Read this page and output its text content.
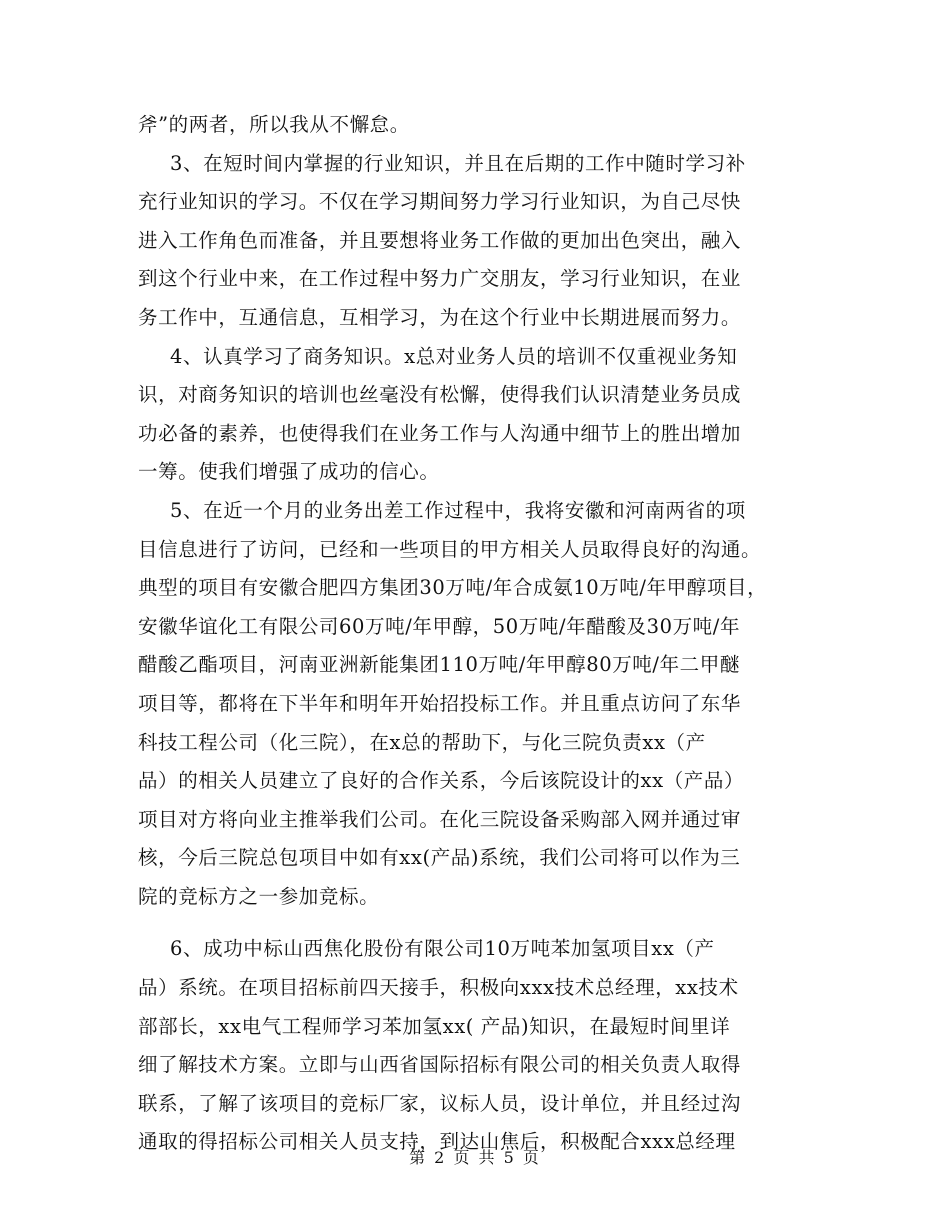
斧”的两者，所以我从不懈怠。
3、在短时间内掌握的行业知识，并且在后期的工作中随时学习补
充行业知识的学习。不仅在学习期间努力学习行业知识，为自己尽快
进入工作角色而准备，并且要想将业务工作做的更加出色突出，融入
到这个行业中来，在工作过程中努力广交朋友，学习行业知识，在业
务工作中，互通信息，互相学习，为在这个行业中长期进展而努力。
4、认真学习了商务知识。x总对业务人员的培训不仅重视业务知
识，对商务知识的培训也丝毫没有松懈，使得我们认识清楚业务员成
功必备的素养，也使得我们在业务工作与人沟通中细节上的胜出增加
一筹。使我们增强了成功的信心。
5、在近一个月的业务出差工作过程中，我将安徽和河南两省的项
目信息进行了访问，已经和一些项目的甲方相关人员取得良好的沟通。
典型的项目有安徽合肥四方集团30万吨/年合成氨10万吨/年甲醇项目，
安徽华谊化工有限公司60万吨/年甲醇，50万吨/年醋酸及30万吨/年
醋酸乙酯项目，河南亚洲新能集团110万吨/年甲醇80万吨/年二甲醚
项目等，都将在下半年和明年开始招投标工作。并且重点访问了东华
科技工程公司（化三院），在x总的帮助下，与化三院负责xx（产
品）的相关人员建立了良好的合作关系，今后该院设计的xx（产品）
项目对方将向业主推举我们公司。在化三院设备采购部入网并通过审
核，今后三院总包项目中如有xx(产品)系统，我们公司将可以作为三
院的竞标方之一参加竞标。
6、成功中标山西焦化股份有限公司10万吨苯加氢项目xx（产
品）系统。在项目招标前四天接手，积极向xxx技术总经理，xx技术
部部长，xx电气工程师学习苯加氢xx( 产品)知识，在最短时间里详
细了解技术方案。立即与山西省国际招标有限公司的相关负责人取得
联系，了解了该项目的竞标厂家，议标人员，设计单位，并且经过沟
通取的得招标公司相关人员支持，到达山焦后，积极配合xxx总经理
第 2 页 共 5 页
